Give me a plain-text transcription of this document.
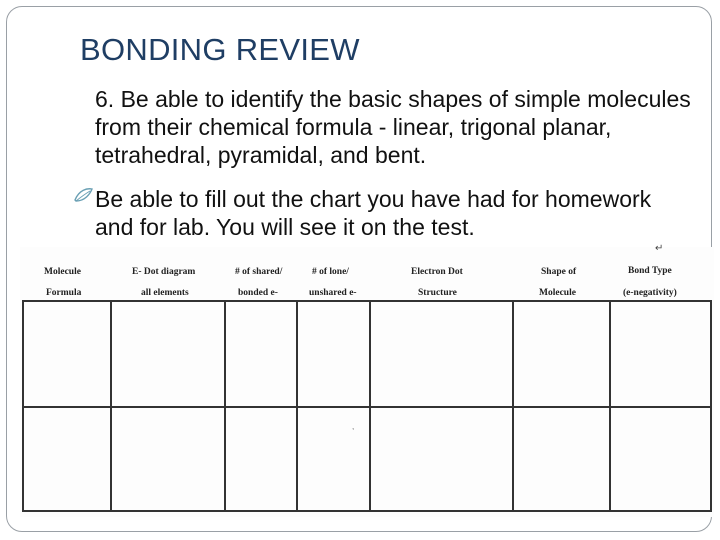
BONDING REVIEW
6. Be able to identify the basic shapes of simple molecules from their chemical formula - linear, trigonal planar, tetrahedral, pyramidal, and bent.
Be able to fill out the chart you have had for homework and for lab. You will see it on the test.
↵
Molecule
Formula
E- Dot diagram
all elements
# of shared/
bonded e-
# of lone/
unshared e-
Electron Dot
Structure
Shape of
Molecule
Bond Type
(e-negativity)
,
